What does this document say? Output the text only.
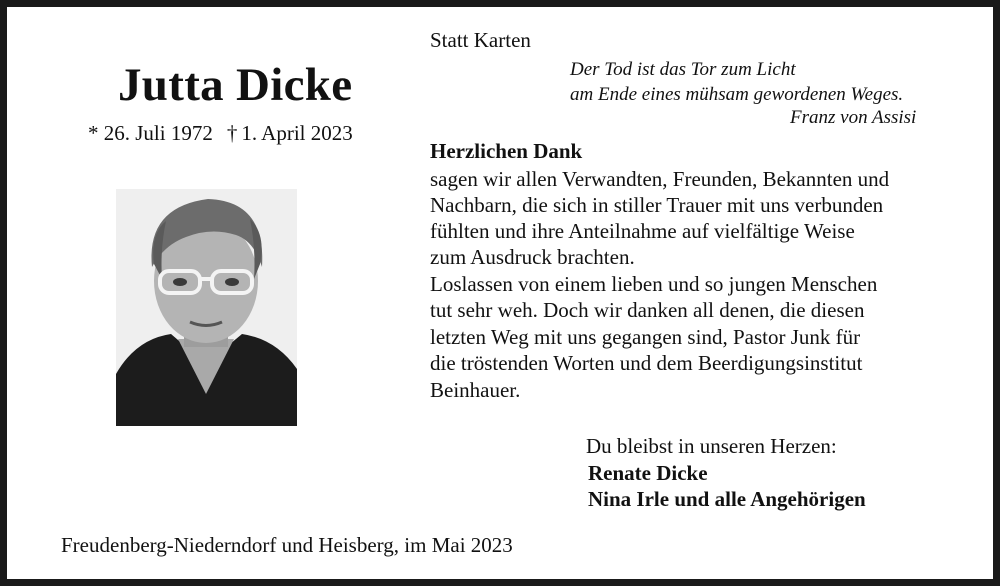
Jutta Dicke
* 26. Juli 1972 † 1. April 2023
Statt Karten
Der Tod ist das Tor zum Licht
am Ende eines mühsam gewordenen Weges.
Franz von Assisi
Herzlichen Dank
sagen wir allen Verwandten, Freunden, Bekannten und
Nachbarn, die sich in stiller Trauer mit uns verbunden
fühlten und ihre Anteilnahme auf vielfältige Weise
zum Ausdruck brachten.
Loslassen von einem lieben und so jungen Menschen
tut sehr weh. Doch wir danken all denen, die diesen
letzten Weg mit uns gegangen sind, Pastor Junk für
die tröstenden Worten und dem Beerdigungsinstitut
Beinhauer.
Du bleibst in unseren Herzen:
Renate Dicke
Nina Irle und alle Angehörigen
Freudenberg-Niederndorf und Heisberg, im Mai 2023
